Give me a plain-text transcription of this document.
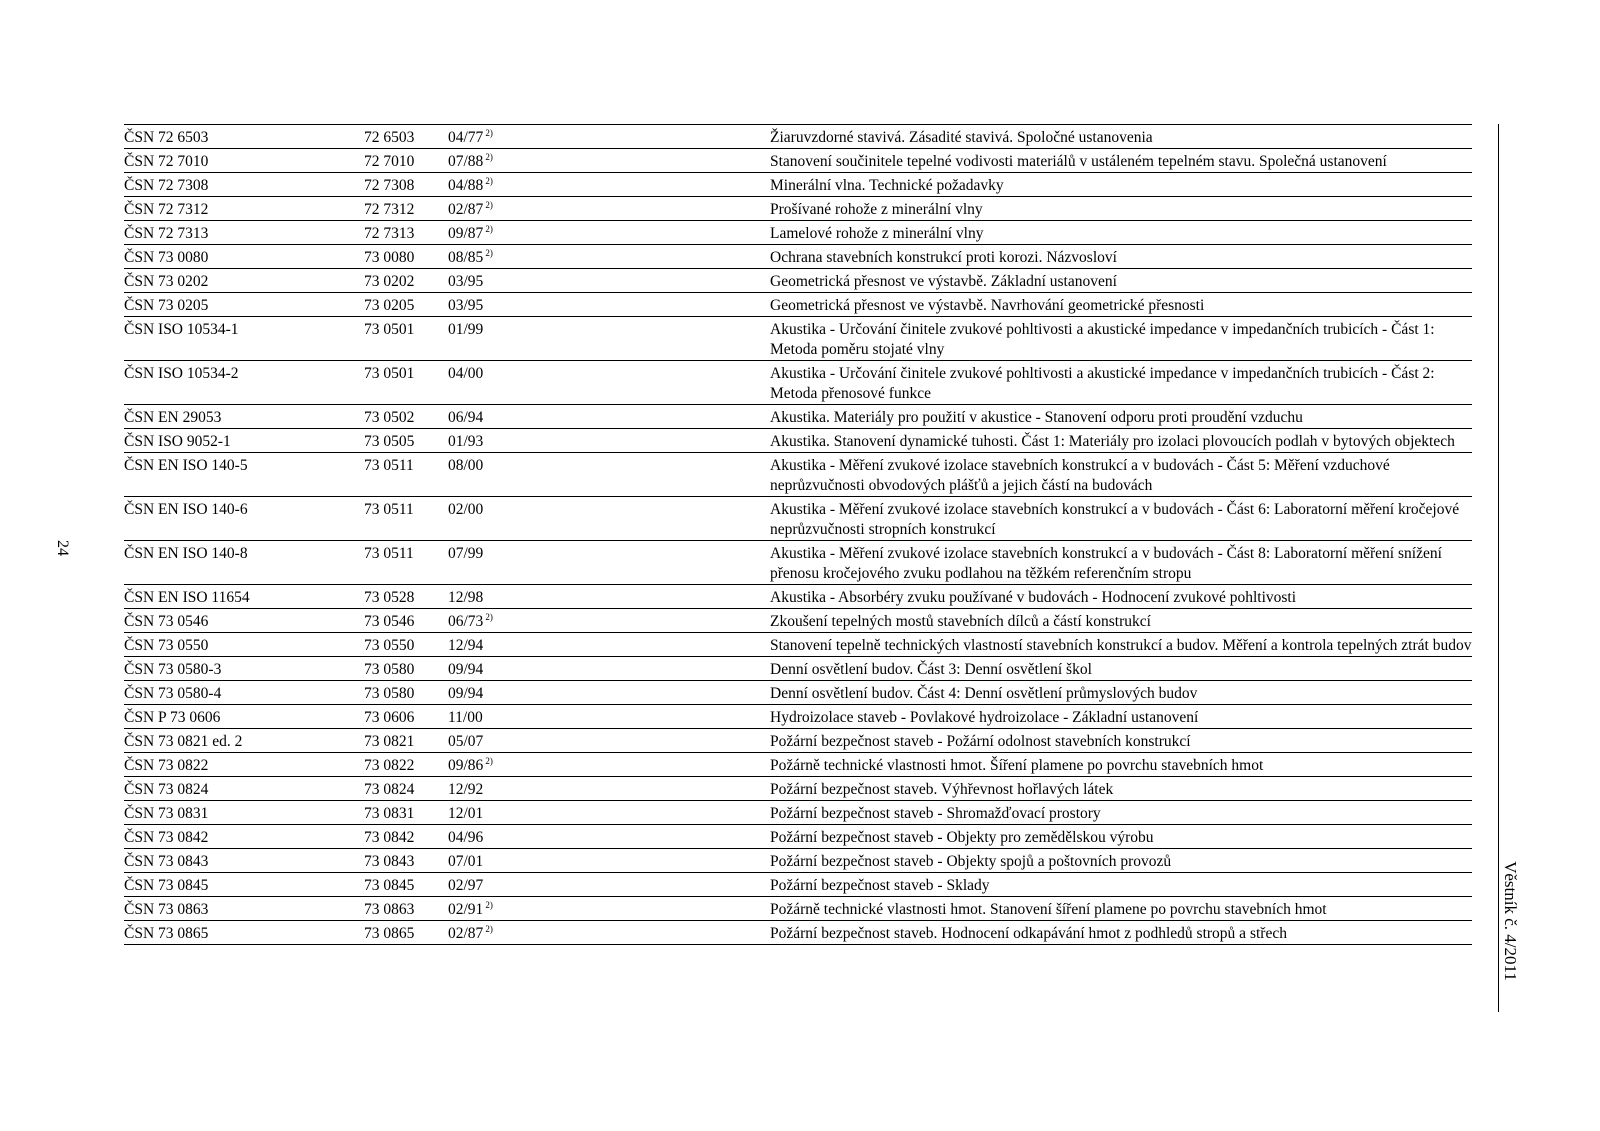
24
ČSN 72 6503	72 6503	04/77 $^{2)}$	Žiaruvzdorné stavivá. Zásadité stavivá. Spoločné ustanovenia
ČSN 72 7010	72 7010	07/88 $^{2)}$	Stanovení součinitele tepelné vodivosti materiálů v ustáleném tepelném stavu. Společná ustanovení
ČSN 72 7308	72 7308	04/88 $^{2)}$	Minerální vlna. Technické požadavky
ČSN 72 7312	72 7312	02/87 $^{2)}$	Prošívané rohože z minerální vlny
ČSN 72 7313	72 7313	09/87 $^{2)}$	Lamelové rohože z minerální vlny
ČSN 73 0080	73 0080	08/85 $^{2)}$	Ochrana stavebních konstrukcí proti korozi. Názvosloví
ČSN 73 0202	73 0202	03/95	Geometrická přesnost ve výstavbě. Základní ustanovení
ČSN 73 0205	73 0205	03/95	Geometrická přesnost ve výstavbě. Navrhování geometrické přesnosti
ČSN ISO 10534-1	73 0501	01/99	Akustika - Určování činitele zvukové pohltivosti a akustické impedance v impedančních trubicích - Část 1: Metoda poměru stojaté vlny
ČSN ISO 10534-2	73 0501	04/00	Akustika - Určování činitele zvukové pohltivosti a akustické impedance v impedančních trubicích - Část 2: Metoda přenosové funkce
ČSN EN 29053	73 0502	06/94	Akustika. Materiály pro použití v akustice - Stanovení odporu proti proudění vzduchu
ČSN ISO 9052-1	73 0505	01/93	Akustika. Stanovení dynamické tuhosti. Část 1: Materiály pro izolaci plovoucích podlah v bytových objektech
ČSN EN ISO 140-5	73 0511	08/00	Akustika - Měření zvukové izolace stavebních konstrukcí a v budovách - Část 5: Měření vzduchové neprůzvučnosti obvodových plášťů a jejich částí na budovách
ČSN EN ISO 140-6	73 0511	02/00	Akustika - Měření zvukové izolace stavebních konstrukcí a v budovách - Část 6: Laboratorní měření kročejové neprůzvučnosti stropních konstrukcí
ČSN EN ISO 140-8	73 0511	07/99	Akustika - Měření zvukové izolace stavebních konstrukcí a v budovách - Část 8: Laboratorní měření snížení přenosu kročejového zvuku podlahou na těžkém referenčním stropu
ČSN EN ISO 11654	73 0528	12/98	Akustika - Absorbéry zvuku používané v budovách - Hodnocení zvukové pohltivosti
ČSN 73 0546	73 0546	06/73 $^{2)}$	Zkoušení tepelných mostů stavebních dílců a částí konstrukcí
ČSN 73 0550	73 0550	12/94	Stanovení tepelně technických vlastností stavebních konstrukcí a budov. Měření a kontrola tepelných ztrát budov
ČSN 73 0580-3	73 0580	09/94	Denní osvětlení budov. Část 3: Denní osvětlení škol
ČSN 73 0580-4	73 0580	09/94	Denní osvětlení budov. Část 4: Denní osvětlení průmyslových budov
ČSN P 73 0606	73 0606	11/00	Hydroizolace staveb - Povlakové hydroizolace - Základní ustanovení
ČSN 73 0821 ed. 2	73 0821	05/07	Požární bezpečnost staveb - Požární odolnost stavebních konstrukcí
ČSN 73 0822	73 0822	09/86 $^{2)}$	Požárně technické vlastnosti hmot. Šíření plamene po povrchu stavebních hmot
ČSN 73 0824	73 0824	12/92	Požární bezpečnost staveb. Výhřevnost hořlavých látek
ČSN 73 0831	73 0831	12/01	Požární bezpečnost staveb - Shromažďovací prostory
ČSN 73 0842	73 0842	04/96	Požární bezpečnost staveb - Objekty pro zemědělskou výrobu
ČSN 73 0843	73 0843	07/01	Požární bezpečnost staveb - Objekty spojů a poštovních provozů
ČSN 73 0845	73 0845	02/97	Požární bezpečnost staveb - Sklady
ČSN 73 0863	73 0863	02/91 $^{2)}$	Požárně technické vlastnosti hmot. Stanovení šíření plamene po povrchu stavebních hmot
ČSN 73 0865	73 0865	02/87 $^{2)}$	Požární bezpečnost staveb. Hodnocení odkapávání hmot z podhledů stropů a střech	Věstník č. 4/2011
